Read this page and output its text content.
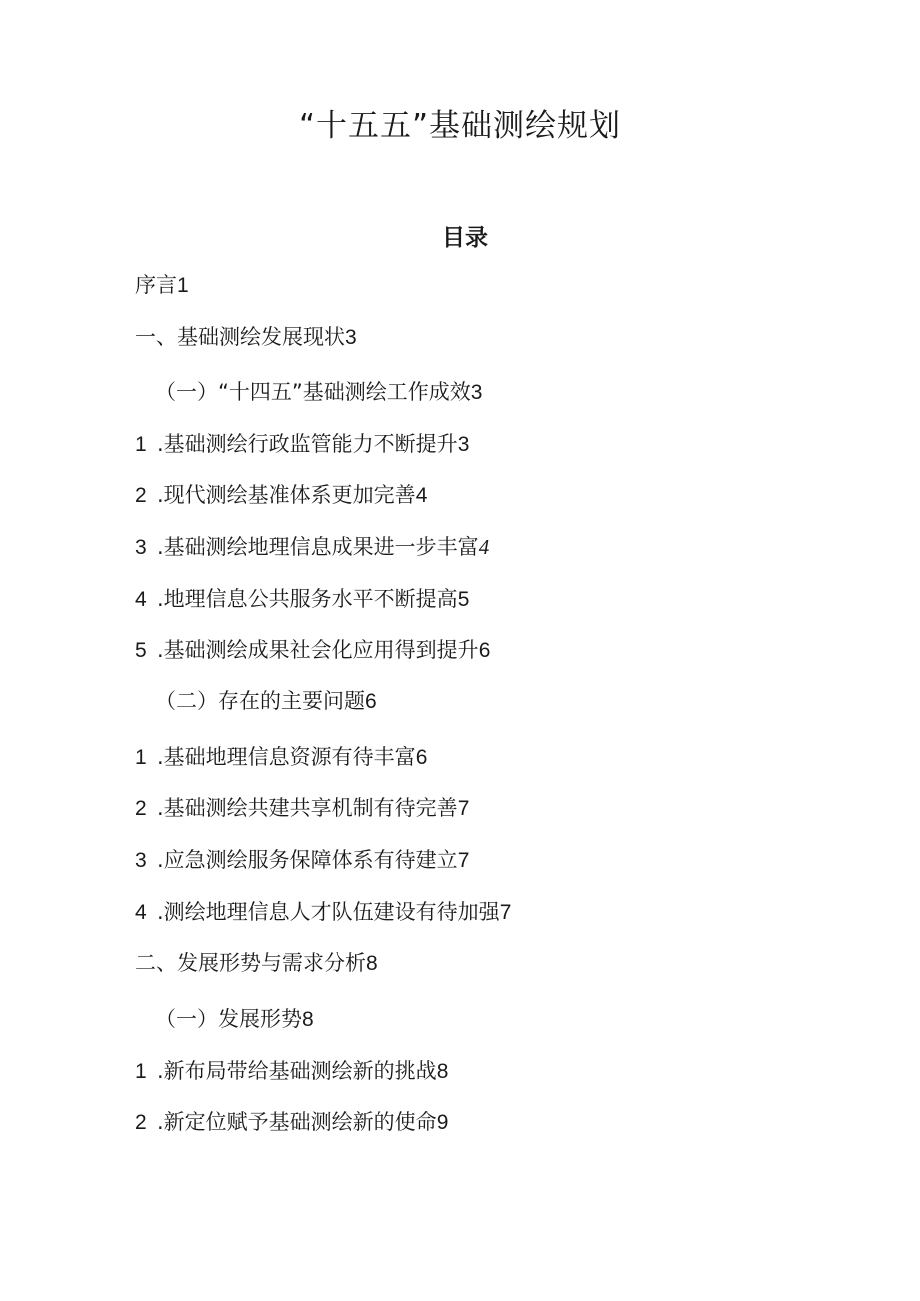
“十五五”基础测绘规划
目录
序言1
一、基础测绘发展现状3
（一）“十四五”基础测绘工作成效3
1 .基础测绘行政监管能力不断提升3
2 .现代测绘基准体系更加完善4
3 .基础测绘地理信息成果进一步丰富4
4 .地理信息公共服务水平不断提高5
5 .基础测绘成果社会化应用得到提升6
（二）存在的主要问题6
1 .基础地理信息资源有待丰富6
2 .基础测绘共建共享机制有待完善7
3 .应急测绘服务保障体系有待建立7
4 .测绘地理信息人才队伍建设有待加强7
二、发展形势与需求分析8
（一）发展形势8
1 .新布局带给基础测绘新的挑战8
2 .新定位赋予基础测绘新的使命9
